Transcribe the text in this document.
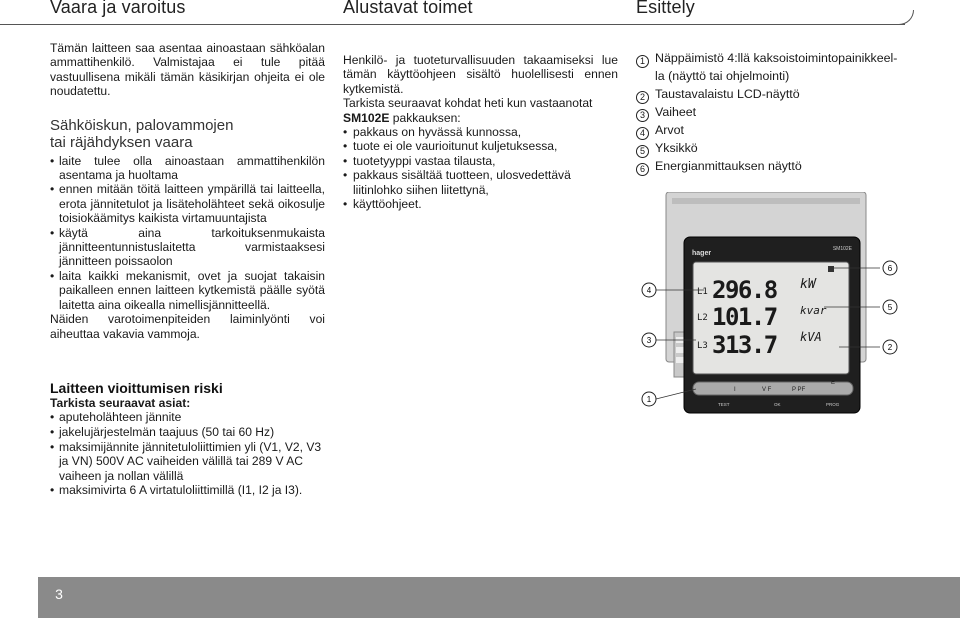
Vaara ja varoitus	Alustavat toimet	Esittely

Tämän laitteen saa asentaa ainoastaan sähköalan ammattihenkilö. Valmistajaa ei tule pitää vastuullisena mikäli tämän käsikirjan ohjeita ei ole noudatettu.

Sähköiskun, palovammojen
tai räjähdyksen vaara

• laite tulee olla ainoastaan ammattihenkilön asentama ja huoltama
• ennen mitään töitä laitteen ympärillä tai laitteella, erota jännitetulot ja lisäteholähteet sekä oikosulje toisiokäämitys kaikista virtamuuntajista
• käytä aina tarkoituksenmukaista jännitteentunnistuslaitetta varmistaaksesi jännitteen poissaolon
• laita kaikki mekanismit, ovet ja suojat takaisin paikalleen ennen laitteen kytkemistä päälle syötä laitetta aina oikealla nimellisjännitteellä.

Näiden varotoimenpiteiden laiminlyönti voi aiheuttaa vakavia vammoja.

Laitteen vioittumisen riski

Tarkista seuraavat asiat:

• aputeholähteen jännite
• jakelujärjestelmän taajuus (50 tai 60 Hz)
• maksimijännite jännitetuloliittimien yli (V1, V2, V3 ja VN) 500V AC vaiheiden välillä tai 289 V AC vaiheen ja nollan välillä
• maksimivirta 6 A virtatuloliittimillä (I1, I2 ja I3).

Henkilö- ja tuoteturvallisuuden takaamiseksi lue tämän käyttöohjeen sisältö huolellisesti ennen kytkemistä.

Tarkista seuraavat kohdat heti kun vastaanotat
SM102E pakkauksen:

• pakkaus on hyvässä kunnossa,
• tuote ei ole vaurioitunut kuljetuksessa,
• tuotetyyppi vastaa tilausta,
• pakkaus sisältää tuotteen, ulosvedettävä liitinlohko siihen liitettynä,
• käyttöohjeet.
1 Näppäimistö 4:llä kaksoistoimintopainikkeel-
la (näyttö tai ohjelmointi)
2 Taustavalaistu LCD-näyttö
3 Vaiheet
4 Arvot
5 Yksikkö
6 Energianmittauksen näyttö
hager
SM102E
L1
L2
L3
296.8
101.7
313.7
kW
kvar
kVA
I	V F	P PF
E
TEST	OK	PROG
6
4
5
3
2
1
3
